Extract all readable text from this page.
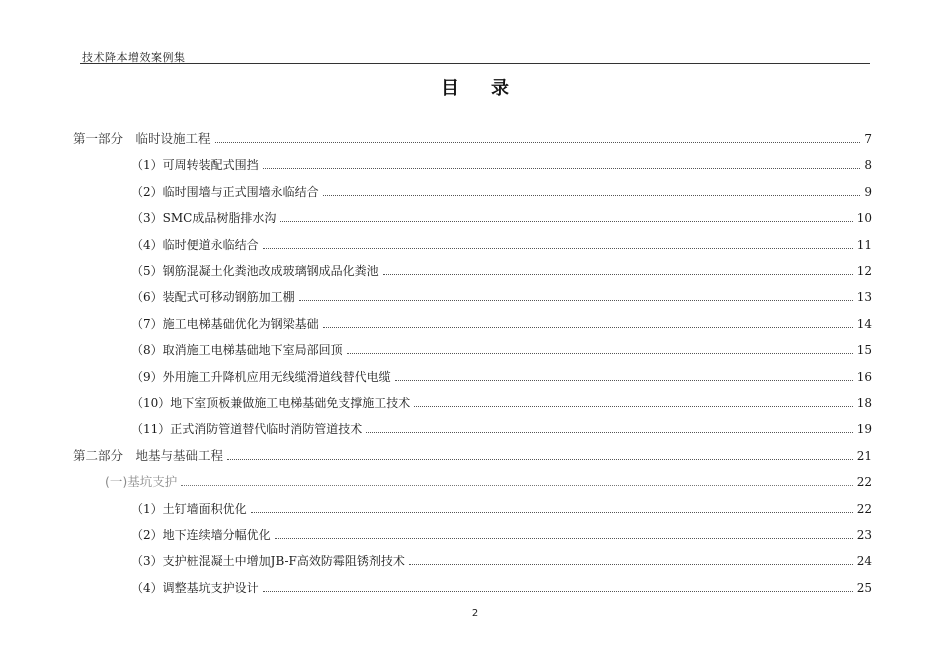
技术降本增效案例集
目录
第一部分　临时设施工程	7
（1）可周转装配式围挡	8
（2）临时围墙与正式围墙永临结合	9
（3）SMC成品树脂排水沟	10
（4）临时便道永临结合	11
（5）钢筋混凝土化粪池改成玻璃钢成品化粪池	12
（6）装配式可移动钢筋加工棚	13
（7）施工电梯基础优化为钢梁基础	14
（8）取消施工电梯基础地下室局部回顶	15
（9）外用施工升降机应用无线缆滑道线替代电缆	16
（10）地下室顶板兼做施工电梯基础免支撑施工技术	18
（11）正式消防管道替代临时消防管道技术	19
第二部分　地基与基础工程	21
(一)基坑支护	22
（1）土钉墙面积优化	22
（2）地下连续墙分幅优化	23
（3）支护桩混凝土中增加JB-F高效防霉阻锈剂技术	24
（4）调整基坑支护设计	25
2
